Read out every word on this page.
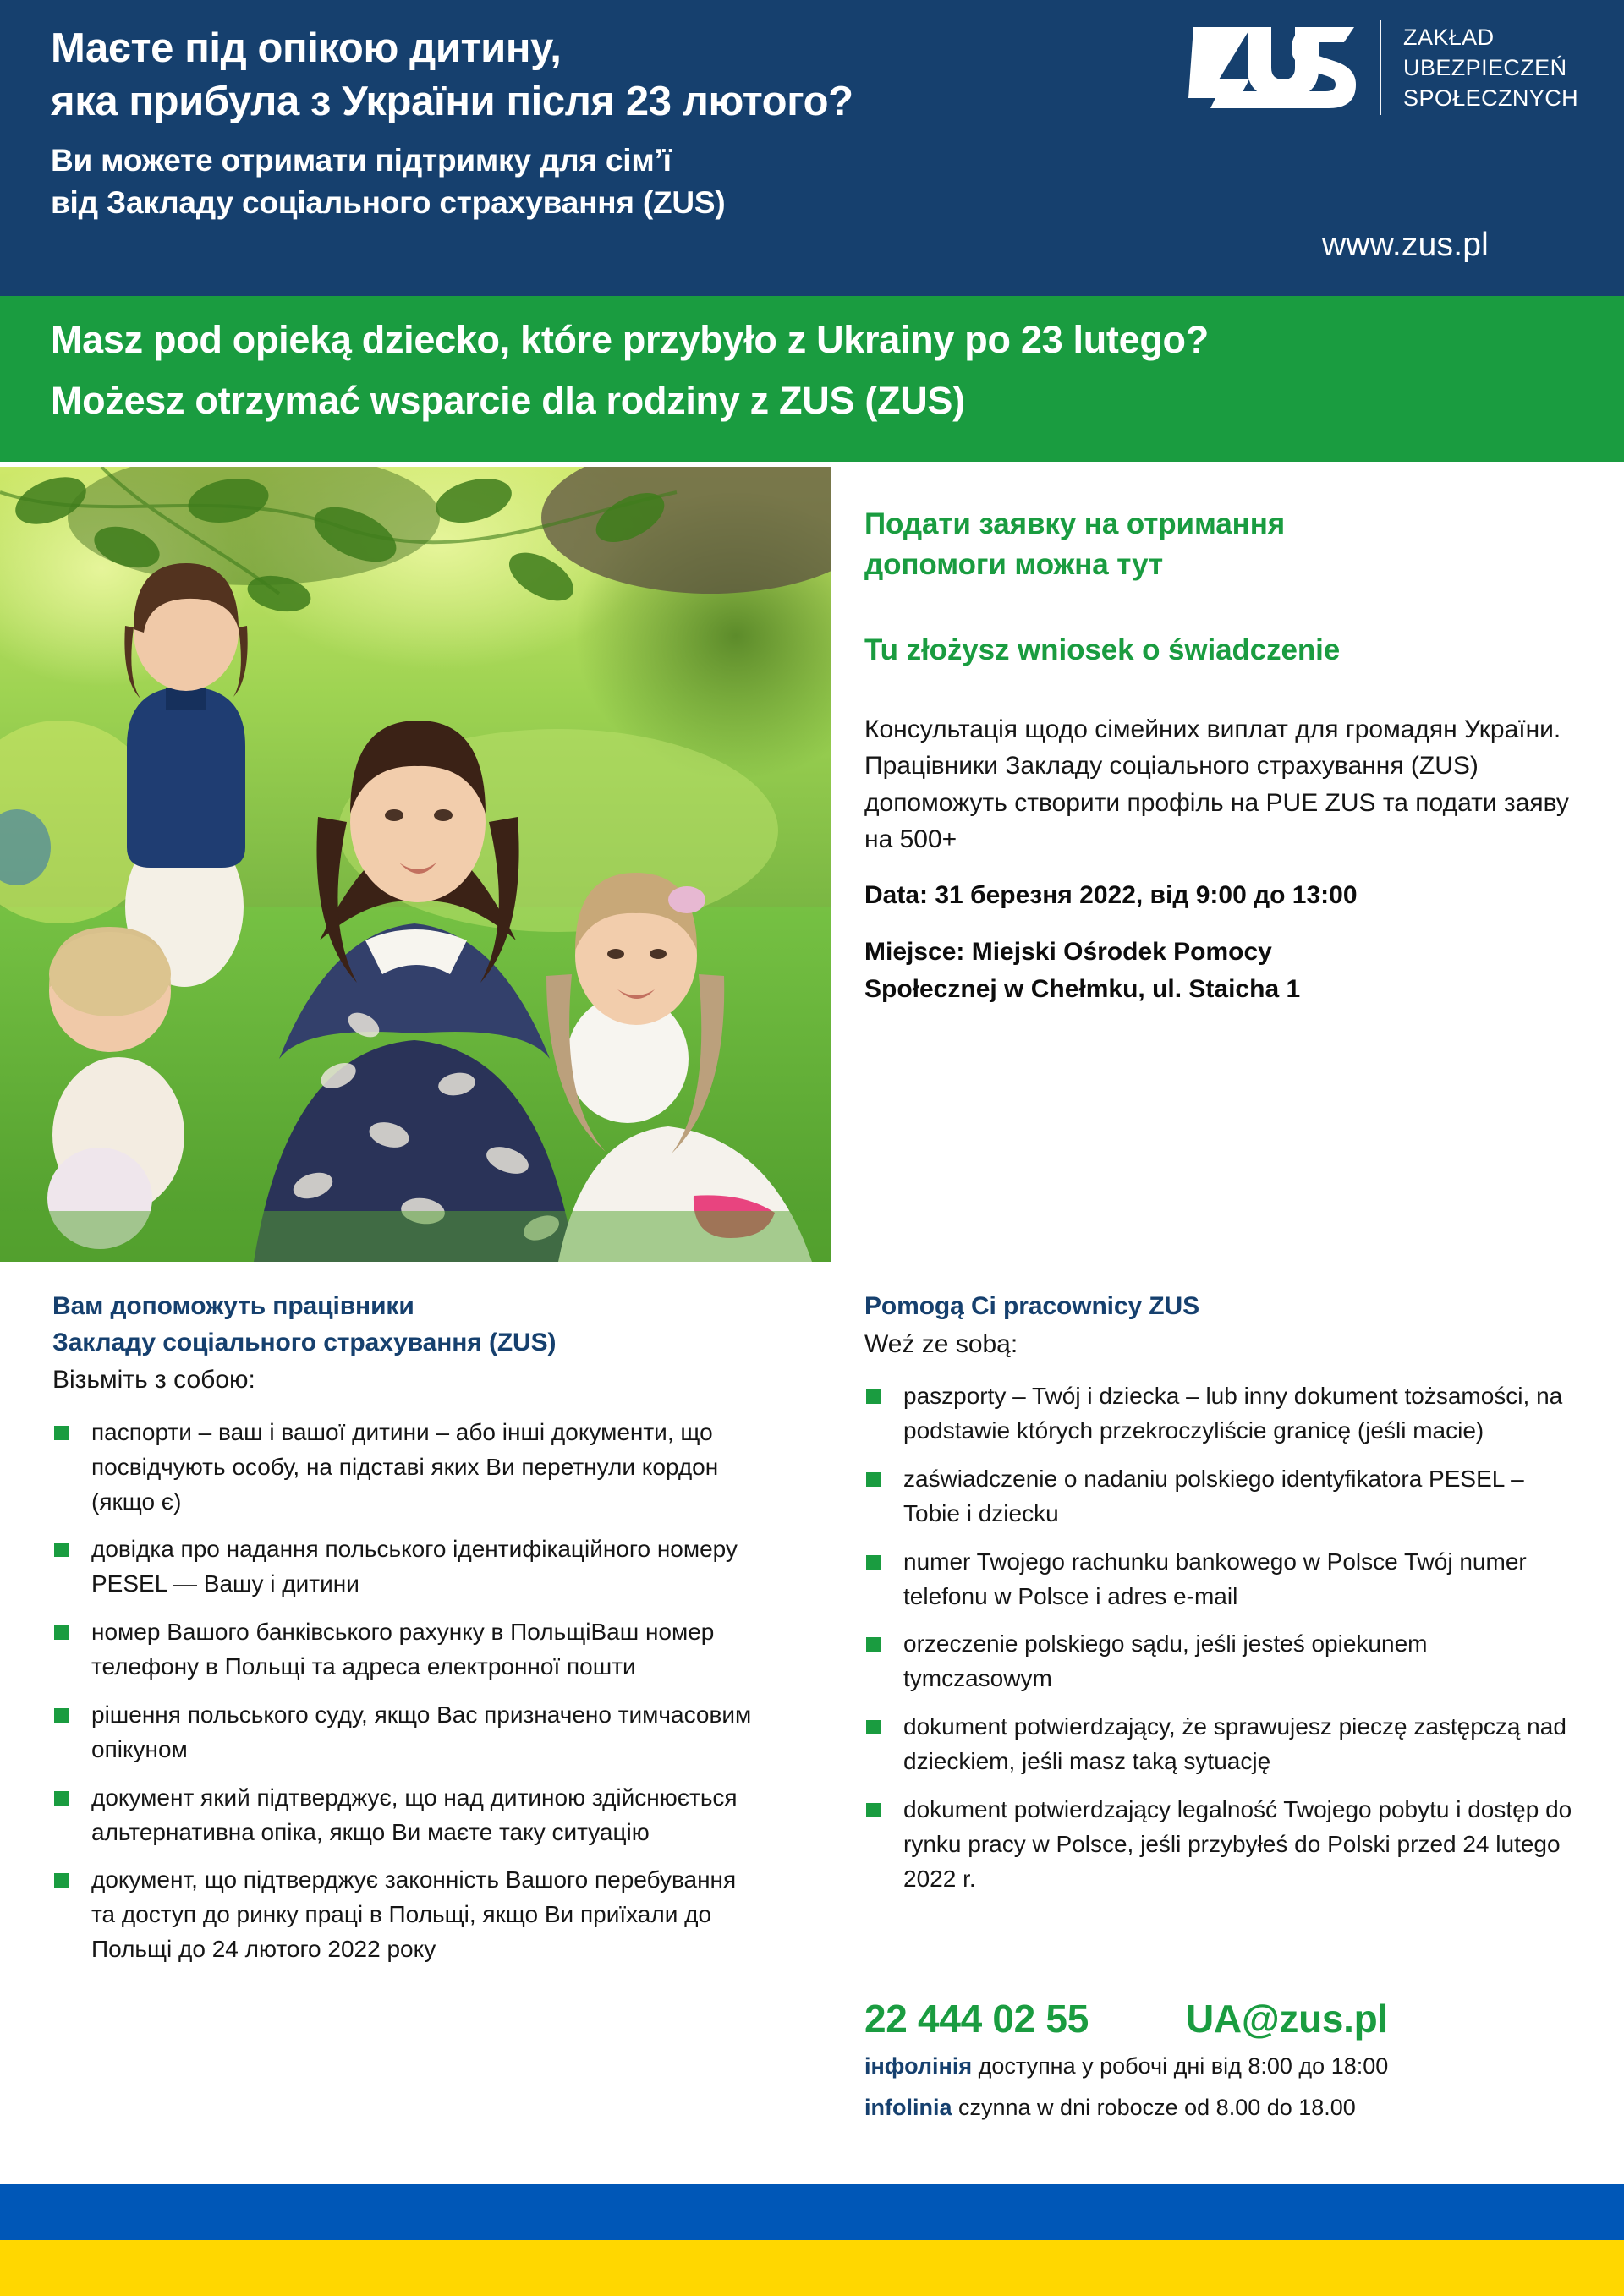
Маєте під опікою дитину,
яка прибула з України після 23 лютого?
Ви можете отримати підтримку для сім’ї
від Закладу соціального страхування (ZUS)
ZAKŁAD
UBEZPIECZEŃ
SPOŁECZNYCH
www.zus.pl
Masz pod opieką dziecko, które przybyło z Ukrainy po 23 lutego?
Możesz otrzymać wsparcie dla rodziny z ZUS (ZUS)
Подати заявку на отримання
допомоги можна тут
Tu złożysz wniosek o świadczenie
Консультація щодо сімейних виплат для громадян України. Працівники Закладу соціального страхування (ZUS) допоможуть створити профіль на PUE ZUS та подати заяву на 500+
Data: 31 березня 2022, від 9:00 до 13:00
Miejsce: Miejski Ośrodek Pomocy
Społecznej w Chełmku, ul. Staicha 1
Вам допоможуть працівники
Закладу соціального страхування (ZUS)
Візьміть з собою:
паспорти – ваш і вашої дитини – або інші документи, що посвідчують особу, на підставі яких Ви перетнули кордон (якщо є)
довідка про надання польського ідентифікаційного номеру PESEL — Вашу і дитини
номер Вашого банківського рахунку в ПольщіВаш номер телефону в Польщі та адреса електронної пошти
рішення польського суду, якщо Вас призначено тимчасовим опікуном
документ який підтверджує, що над дитиною здійснюється альтернативна опіка, якщо Ви маєте таку ситуацію
документ, що підтверджує законність Вашого перебування та доступ до ринку праці в Польщі, якщо Ви приїхали до Польщі до 24 лютого 2022 року
Pomogą Ci pracownicy ZUS
Weź ze sobą:
paszporty – Twój i dziecka – lub inny dokument tożsamości, na podstawie których przekroczyliście granicę (jeśli macie)
zaświadczenie o nadaniu polskiego identyfikatora PESEL – Tobie i dziecku
numer Twojego rachunku bankowego w Polsce Twój numer telefonu w Polsce i adres e-mail
orzeczenie polskiego sądu, jeśli jesteś opiekunem tymczasowym
dokument potwierdzający, że sprawujesz pieczę zastępczą nad dzieckiem, jeśli masz taką sytuację
dokument potwierdzający legalność Twojego pobytu i dostęp do rynku pracy w Polsce, jeśli przybyłeś do Polski przed 24 lutego 2022 r.
22 444 02 55	UA@zus.pl
інфолінія доступна у робочі дні від 8:00 до 18:00
infolinia czynna w dni robocze od 8.00 do 18.00
